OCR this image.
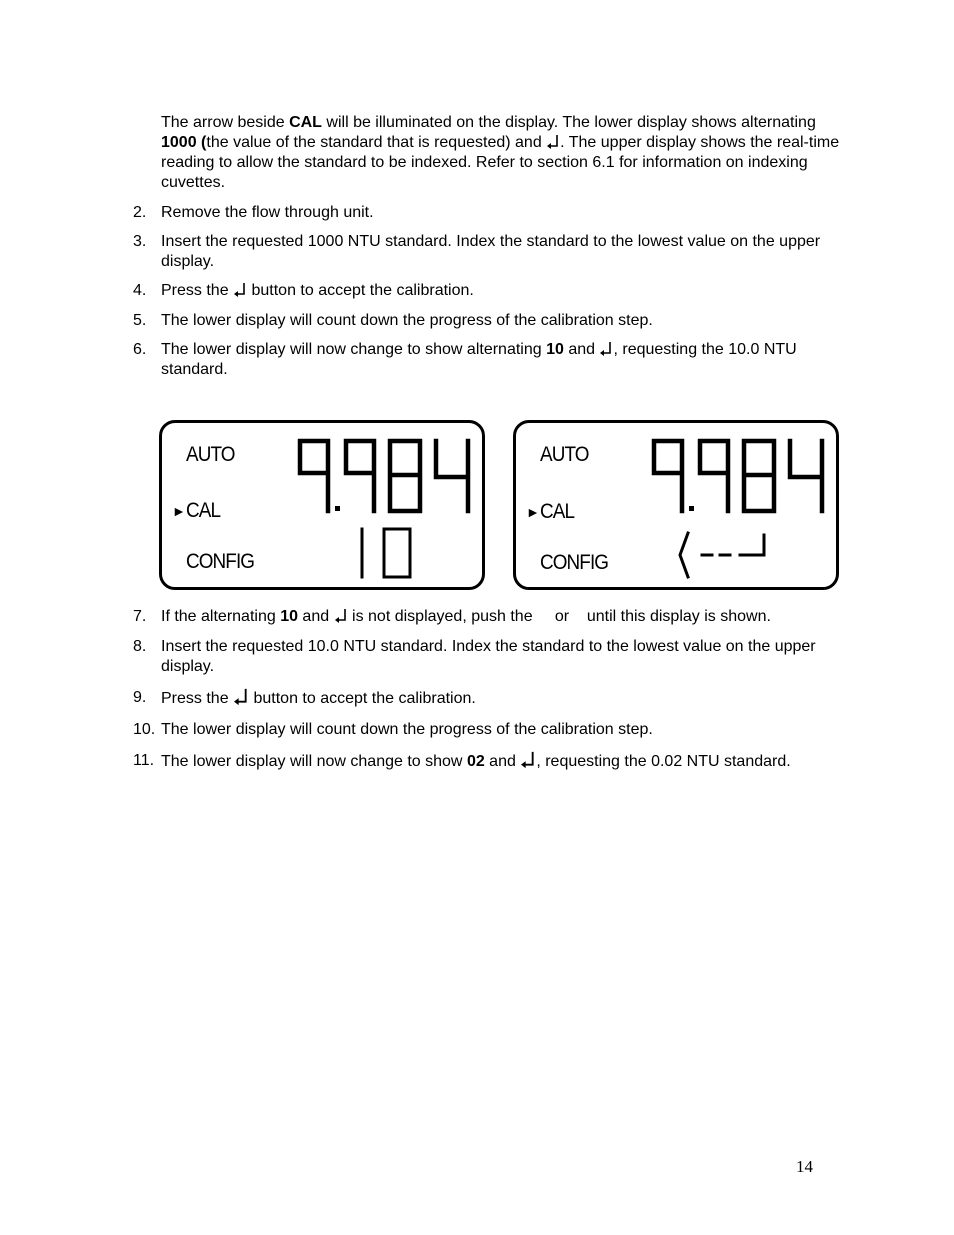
The arrow beside CAL will be illuminated on the display. The lower display shows alternating 1000 (the value of the standard that is requested) and . The upper display shows the real-time reading to allow the standard to be indexed. Refer to section 6.1 for information on indexing cuvettes.
2. Remove the flow through unit.
3. Insert the requested 1000 NTU standard. Index the standard to the lowest value on the upper display.
4. Press the  button to accept the calibration.
5. The lower display will count down the progress of the calibration step.
6. The lower display will now change to show alternating 10 and , requesting the 10.0 NTU standard.
AUTO
► CAL
CONFIG
AUTO
► CAL
CONFIG
7. If the alternating 10 and  is not displayed, push the     or    until this display is shown.
8. Insert the requested 10.0 NTU standard. Index the standard to the lowest value on the upper display.
9. Press the  button to accept the calibration.
10. The lower display will count down the progress of the calibration step.
11. The lower display will now change to show 02 and , requesting the 0.02 NTU standard.
14
